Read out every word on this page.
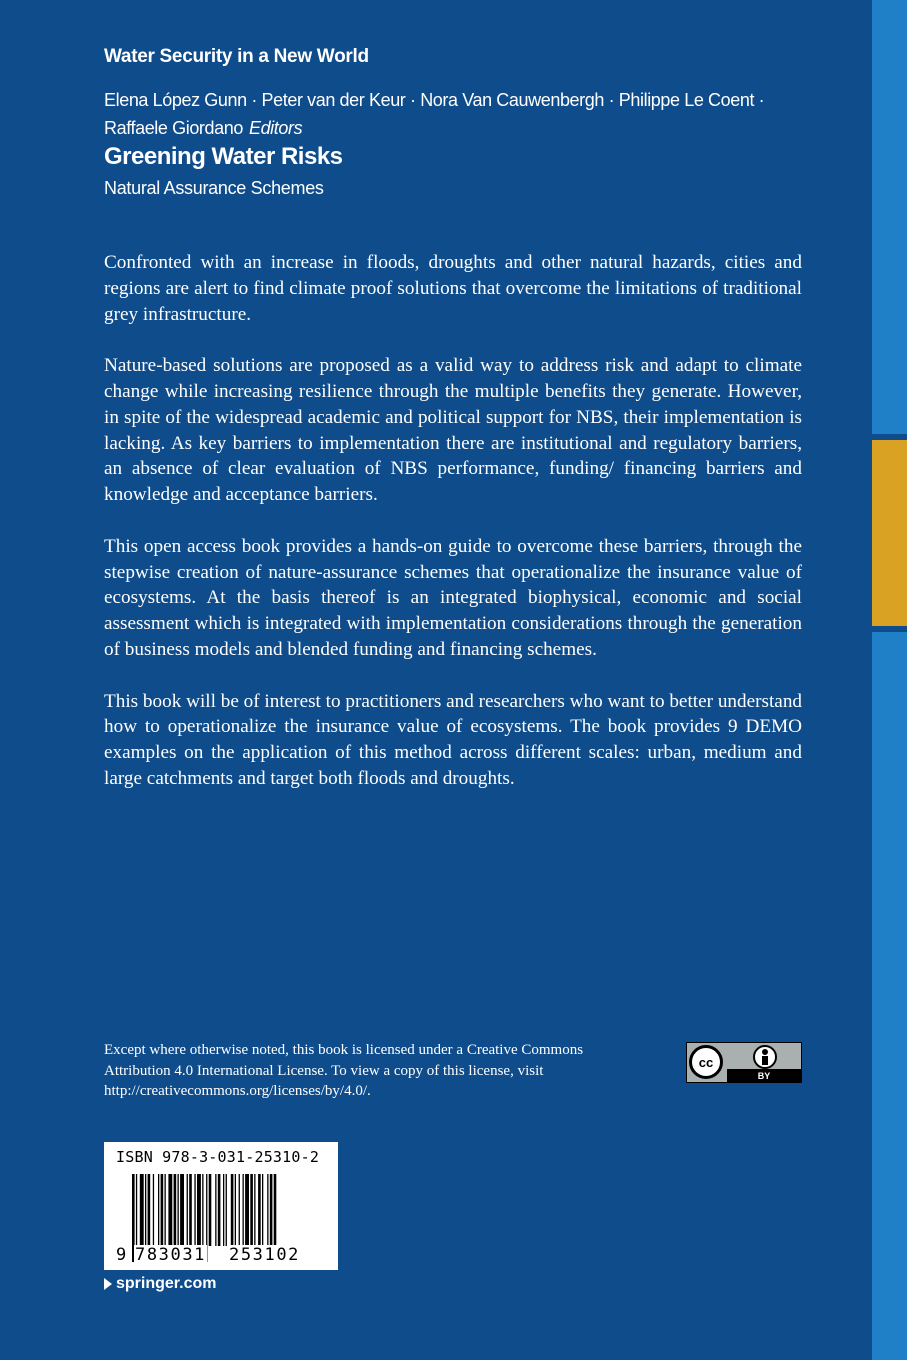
Water Security in a New World
Elena López Gunn · Peter van der Keur · Nora Van Cauwenbergh · Philippe Le Coent ·
Raffaele Giordano Editors
Greening Water Risks
Natural Assurance Schemes

Confronted with an increase in floods, droughts and other natural hazards, cities and regions are alert to find climate proof solutions that overcome the limitations of traditional grey infrastructure.

Nature-based solutions are proposed as a valid way to address risk and adapt to climate change while increasing resilience through the multiple benefits they generate. However, in spite of the widespread academic and political support for NBS, their implementation is lacking. As key barriers to implementation there are institutional and regulatory barriers, an absence of clear evaluation of NBS performance, funding/ financing barriers and knowledge and acceptance barriers.

This open access book provides a hands-on guide to overcome these barriers, through the stepwise creation of nature-assurance schemes that operationalize the insurance value of ecosystems. At the basis thereof is an integrated biophysical, economic and social assessment which is integrated with implementation considerations through the generation of business models and blended funding and financing schemes.

This book will be of interest to practitioners and researchers who want to better understand how to operationalize the insurance value of ecosystems. The book provides 9 DEMO examples on the application of this method across different scales: urban, medium and large catchments and target both floods and droughts.

Except where otherwise noted, this book is licensed under a Creative Commons Attribution 4.0 International License. To view a copy of this license, visit http://creativecommons.org/licenses/by/4.0/.
cc
BY
ISBN 978-3-031-25310-2
9 783031 253102
springer.com
